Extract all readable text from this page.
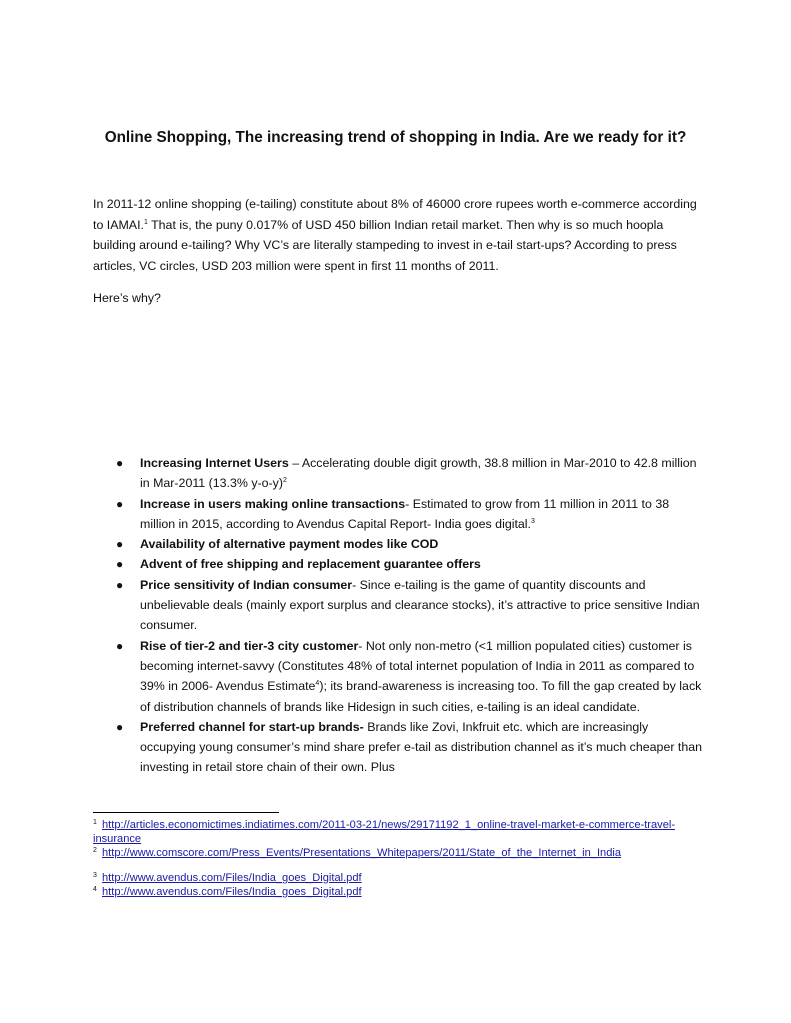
Online Shopping, The increasing trend of shopping in India. Are we ready for it?

In 2011-12 online shopping (e-tailing) constitute about 8% of 46000 crore rupees worth e-commerce according to IAMAI.$^1$ That is, the puny 0.017% of USD 450 billion Indian retail market. Then why is so much hoopla building around e-tailing? Why VC’s are literally stampeding to invest in e-tail start-ups? According to press articles, VC circles, USD 203 million were spent in first 11 months of 2011.

Here’s why?

● Increasing Internet Users – Accelerating double digit growth, 38.8 million in Mar-2010 to 42.8 million in Mar-2011 (13.3% y-o-y)$^2$
● Increase in users making online transactions- Estimated to grow from 11 million in 2011 to 38 million in 2015, according to Avendus Capital Report- India goes digital.$^3$
● Availability of alternative payment modes like COD
● Advent of free shipping and replacement guarantee offers
● Price sensitivity of Indian consumer- Since e-tailing is the game of quantity discounts and unbelievable deals (mainly export surplus and clearance stocks), it’s attractive to price sensitive Indian consumer.
● Rise of tier-2 and tier-3 city customer- Not only non-metro (<1 million populated cities) customer is becoming internet-savvy (Constitutes 48% of total internet population of India in 2011 as compared to 39% in 2006- Avendus Estimate$^4$); its brand-awareness is increasing too. To fill the gap created by lack of distribution channels of brands like Hidesign in such cities, e-tailing is an ideal candidate.
● Preferred channel for start-up brands- Brands like Zovi, Inkfruit etc. which are increasingly occupying young consumer’s mind share prefer e-tail as distribution channel as it’s much cheaper than investing in retail store chain of their own. Plus

$^1$ http://articles.economictimes.indiatimes.com/2011-03-21/news/29171192_1_online-travel-market-e-commerce-travel-insurance

$^2$ http://www.comscore.com/Press_Events/Presentations_Whitepapers/2011/State_of_the_Internet_in_India

$^3$ http://www.avendus.com/Files/India_goes_Digital.pdf

$^4$ http://www.avendus.com/Files/India_goes_Digital.pdf
